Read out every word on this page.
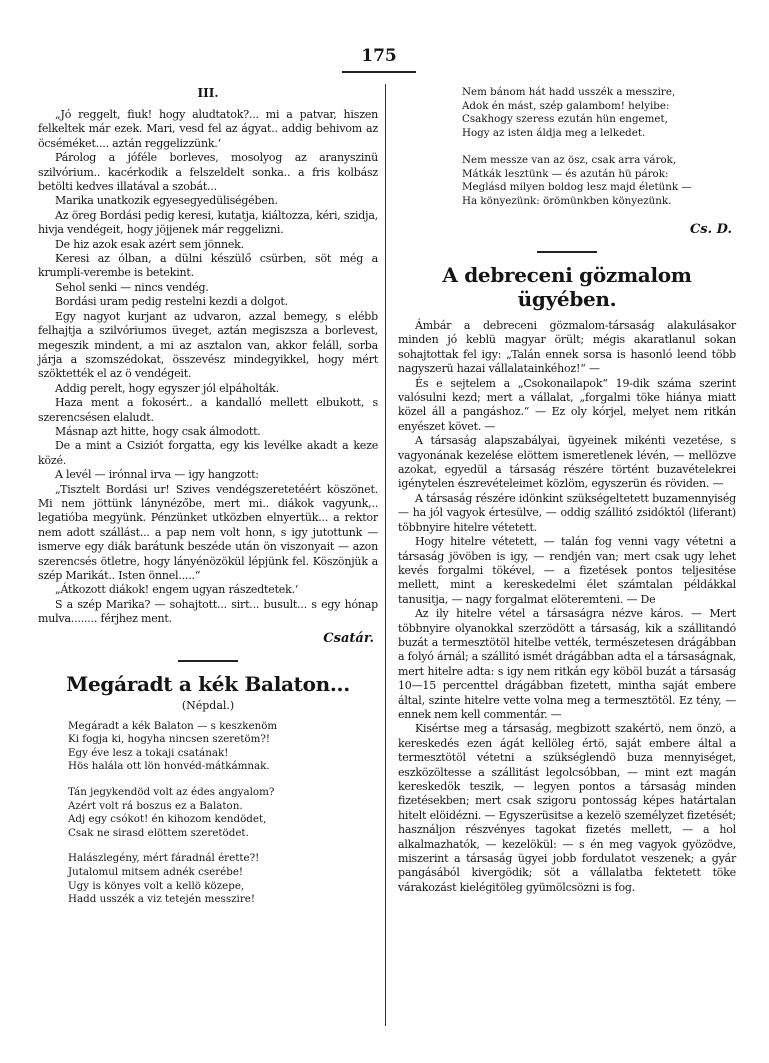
175
III.

„Jó reggelt, fiuk! hogy aludtatok?... mi a patvar, hiszen felkeltek már ezek. Mari, vesd fel az ágyat.. addig behivom az öcséméket.... aztán reggelizzünk.‘

Párolog a jóféle borleves, mosolyog az aranyszinü szilvórium.. kacérkodik a felszeldelt sonka.. a fris kolbász betölti kedves illatával a szobát...

Marika unatkozik egyesegyedüliségében.

Az öreg Bordási pedig keresi, kutatja, kiáltozza, kéri, szidja, hivja vendégeit, hogy jöjjenek már reggelizni.

De hiz azok esak azért sem jönnek.

Keresi az ólban, a dülni készülő csürben, söt még a krumpli-verembe is betekint.

Sehol senki — nincs vendég.

Bordási uram pedig restelni kezdi a dolgot.

Egy nagyot kurjant az udvaron, azzal bemegy, s elébb felhajtja a szilvóriumos üveget, aztán megiszsza a borlevest, megeszik mindent, a mi az asztalon van, akkor feláll, sorba járja a szomszédokat, összevész mindegyikkel, hogy mért szöktették el az ö vendégeit.

Addig perelt, hogy egyszer jól elpáholták.

Haza ment a fokosért.. a kandalló mellett elbukott, s szerencsésen elaludt.

Másnap azt hitte, hogy csak álmodott.

De a mint a Csiziót forgatta, egy kis levélke akadt a keze közé.

A levél — irónnal irva — igy hangzott:

„Tisztelt Bordási ur! Szives vendégszeretetéért köszönet. Mi nem jöttünk lánynézőbe, mert mi.. diákok vagyunk,.. legatióba megyünk. Pénzünket utközben elnyertük... a rektor nem adott szállást... a pap nem volt honn, s igy jutottunk — ismerve egy diák barátunk beszéde után ön viszonyait — azon szerencsés ötletre, hogy lányénözökül lépjünk fel. Köszönjük a szép Marikát.. Isten önnel.....“

„Átkozott diákok! engem ugyan rászedtetek.‘

S a szép Marika? — sohajtott... sirt... busult... s egy hónap mulva........ férjhez ment.

Csatár.
Megáradt a kék Balaton...
(Népdal.)
Megáradt a kék Balaton — s keszkenöm
Ki fogja ki, hogyha nincsen szeretöm?!
Egy éve lesz a tokaji csatának!
Hös halála ott lön honvéd-mátkámnak.
Tán jegykendöd volt az édes angyalom?
Azért volt rá boszus ez a Balaton.
Adj egy csókot! én kihozom kendödet,
Csak ne sirasd elöttem szeretödet.
Halászlegény, mért fáradnál érette?!
Jutalomul mitsem adnék cserébe!
Ugy is könyes volt a kellö közepe,
Hadd usszék a viz tetején messzire!
Nem bánom hát hadd usszék a messzire,
Adok én mást, szép galambom! helyibe:
Csakhogy szeress ezután hün engemet,
Hogy az isten áldja meg a lelkedet.
Nem messze van az ösz, csak arra várok,
Mátkák lesztünk — és azután hü párok:
Meglásd milyen boldog lesz majd életünk —
Ha könyezünk: örömünkben könyezünk.
Cs. D.
A debreceni gözmalom ügyében.

Ámbár a debreceni gözmalom-társaság alakulásakor minden jó keblü magyar örült; mégis akaratlanul sokan sohajtottak fel igy: „Talán ennek sorsa is hasonló leend több nagyszerü hazai vállalatainkéhoz!“ —

És e sejtelem a „Csokonailapok“ 19-dik száma szerint valósulni kezd; mert a vállalat, „forgalmi töke hiánya miatt közel áll a pangáshoz.“ — Ez oly kórjel, melyet nem ritkán enyészet követ. —

A társaság alapszabályai, ügyeinek mikénti vezetése, s vagyonának kezelése elöttem ismeretlenek lévén, — mellözve azokat, egyedül a társaság részére történt buzavételekrei igénytelen észrevételeimet közlöm, egyszerün és röviden. —

A társaság részére idönkint szükségeltetett buzamennyiség — ha jól vagyok értesülve, — oddig szállitó zsidóktól (liferant) többnyire hitelre vétetett.

Hogy hitelre vétetett, — talán fog venni vagy vétetni a társaság jövöben is igy, — rendjén van; mert csak ugy lehet kevés forgalmi tökével, — a fizetések pontos teljesitése mellett, mint a kereskedelmi élet számtalan példákkal tanusitja, — nagy forgalmat elöteremteni. — De

Az ily hitelre vétel a társaságra nézve káros. — Mert többnyire olyanokkal szerzödött a társaság, kik a szállitandó buzát a termesztötöl hitelbe vették, természetesen drágábban a folyó árnál; a szállitó ismét drágábban adta el a társaságnak, mert hitelre adta: s igy nem ritkán egy köböl buzát a társaság 10—15 percenttel drágábban fizetett, mintha saját embere által, szinte hitelre vette volna meg a termesztötöl. Ez tény, — ennek nem kell commentár. —

Kisértse meg a társaság, megbizott szakértö, nem önzö, a kereskedés ezen ágát kellöleg értö, saját embere által a termesztötöl vétetni a szükséglendö buza mennyiséget, eszközöltesse a szállitást legolcsóbban, — mint ezt magán kereskedök teszik, — legyen pontos a társaság minden fizetésekben; mert csak szigoru pontosság képes határtalan hitelt elöidézni. — Egyszerüsitse a kezelö személyzet fizetését; használjon részvényes tagokat fizetés mellett, — a hol alkalmazhatók, — kezelökül: — s én meg vagyok gyözödve, miszerint a társaság ügyei jobb fordulatot veszenek; a gyár pangásából kivergödik; söt a vállalatba fektetett töke várakozást kielégitöleg gyümölcsözni is fog.
